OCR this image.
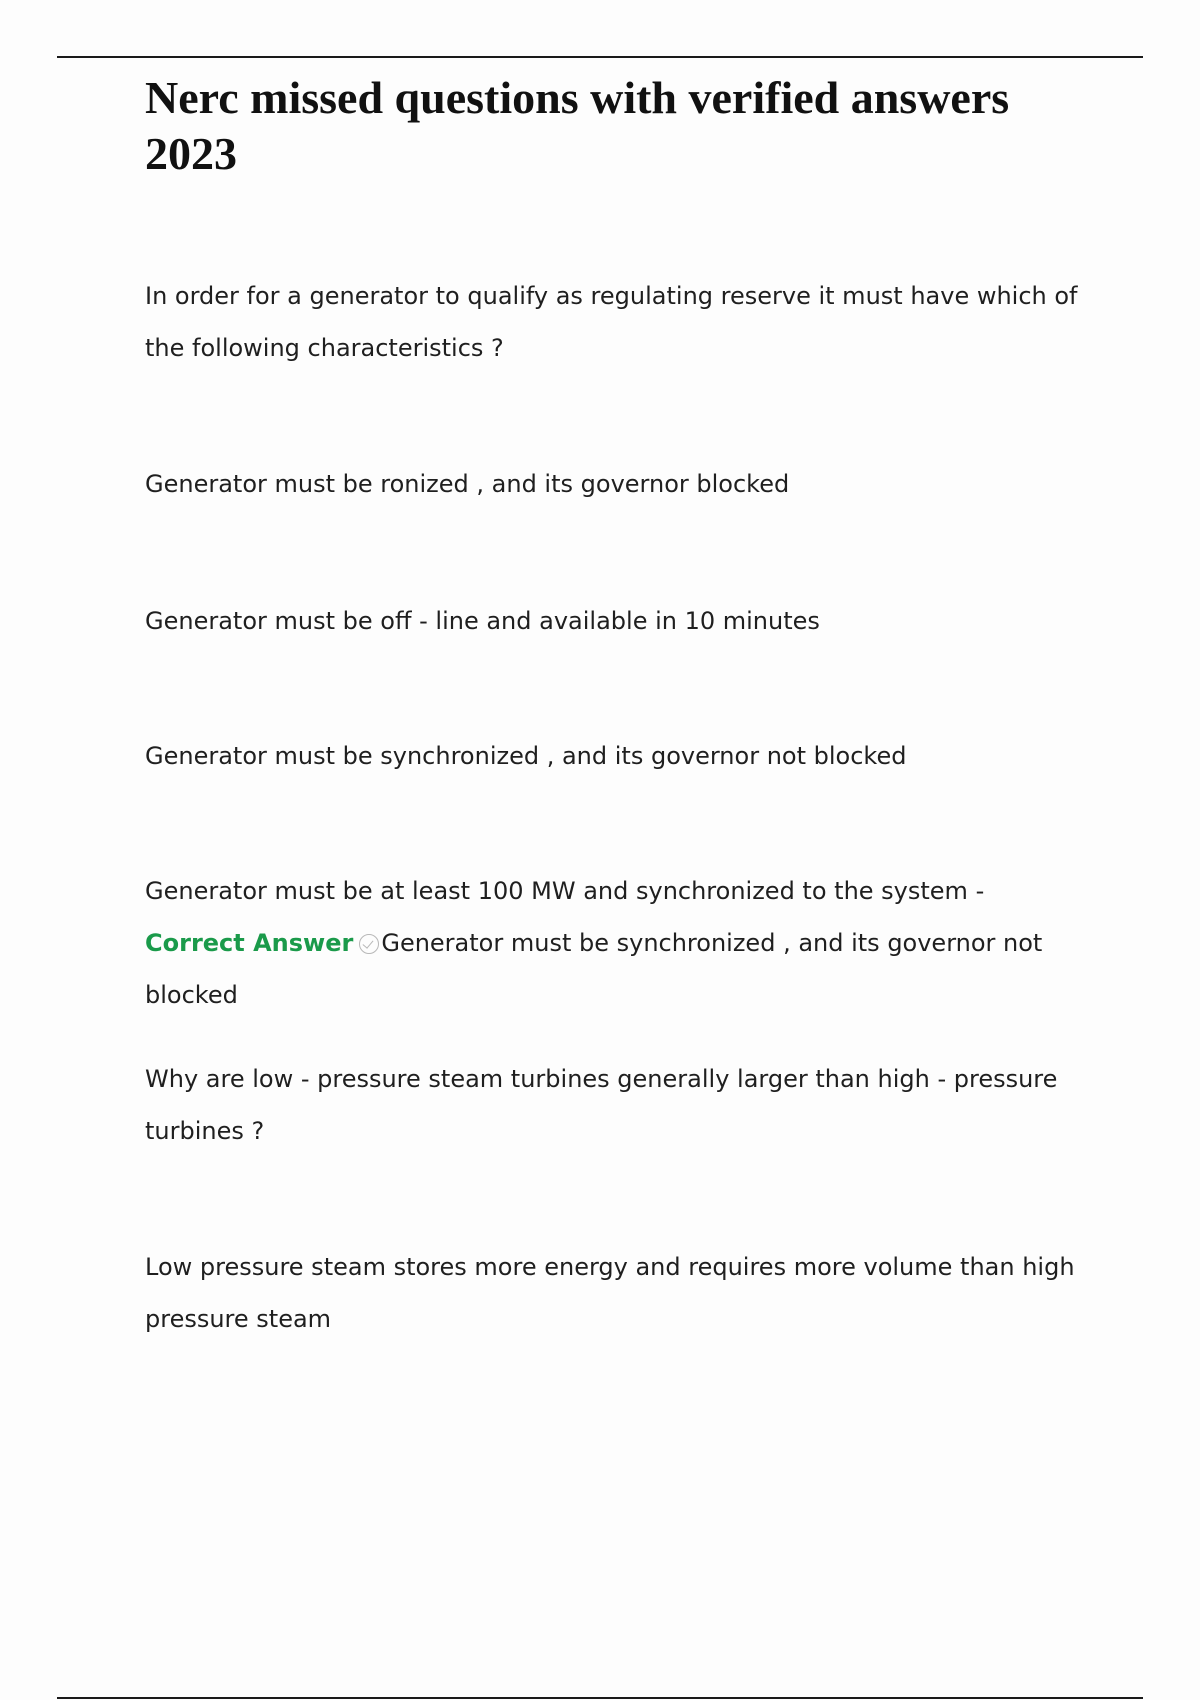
Nerc missed questions with verified answers 2023

In order for a generator to qualify as regulating reserve it must have which of the following characteristics ?

Generator must be ronized , and its governor blocked

Generator must be off - line and available in 10 minutes

Generator must be synchronized , and its governor not blocked

Generator must be at least 100 MW and synchronized to the system - Correct Answer Generator must be synchronized , and its governor not blocked

Why are low - pressure steam turbines generally larger than high - pressure turbines ?

Low pressure steam stores more energy and requires more volume than high pressure steam
